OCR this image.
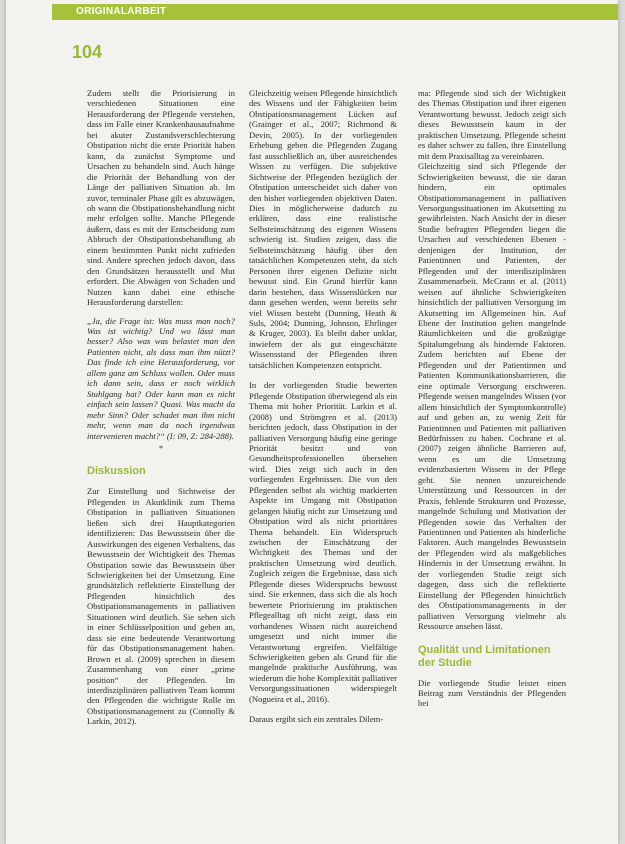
ORIGINALARBEIT
104

Zudem stellt die Priorisierung in verschiedenen Situationen eine Herausforderung der Pflegende verstehen, dass im Falle einer Krankenhausaufnahme bei akuter Zustandsverschlechterung Obstipation nicht die erste Priorität haben kann, da zunächst Symptome und Ursachen zu behandeln sind. Auch hänge die Priorität der Behandlung von der Länge der palliativen Situation ab. Im zuvor, terminaler Phase gilt es abzuwägen, ob wann die Obstipationsbehandlung nicht mehr erfolgen sollte. Manche Pflegende äußern, dass es mit der Entscheidung zum Abbruch der Obstipationsbehandlung ab einem bestimmten Punkt nicht zufrieden sind. Andere sprechen jedoch davon, dass den Grundsätzen herausstellt und Mut erfordert. Die Abwägen von Schaden und Nutzen kann dabei eine ethische Herausforderung darstellen:

„Ja, die Frage ist: Was muss man noch? Was ist wichtig? Und wo lässt man besser? Also was was belastet man den Patienten nicht, als dass man ihm nützt? Das finde ich eine Herausforderung, vor allem ganz am Schluss wollen. Oder muss ich dann sein, dass er noch wirklich Stuhlgang hat? Oder kann man es nicht einfach sein lassen? Quasi. Was macht da mehr Sinn? Oder schadet man ihm nicht mehr, wenn man da noch irgendwas intervenieren macht?“ (I: 09, Z: 284-288).

*
Diskussion

Zur Einstellung und Sichtweise der Pflegenden in Akutklinik zum Thema Obstipation in palliativen Situationen ließen sich drei Hauptkategorien identifizieren: Das Bewusstsein über die Auswirkungen des eigenen Verhaltens, das Bewusstsein der Wichtigkeit des Themas Obstipation sowie das Bewusstsein über Schwierigkeiten bei der Umsetzung. Eine grundsätzlich reflektierte Einstellung der Pflegenden hinsichtlich des Obstipationsmanagements in palliativen Situationen wird deutlich. Sie sehen sich in einer Schlüsselposition und geben an, dass sie eine bedeutende Verantwortung für das Obstipationsmanagement haben. Brown et al. (2009) sprechen in diesem Zusammenhang von einer „prime position“ der Pflegenden. Im interdisziplinären palliativen Team kommt den Pflegenden die wichtigste Rolle im Obstipationsmanagement zu (Connolly & Larkin, 2012).

Gleichzeitig weisen Pflegende hinsichtlich des Wissens und der Fähigkeiten beim Obstipationsmanagement Lücken auf (Grainger et al., 2007; Richmond & Devin, 2005). In der vorliegenden Erhebung geben die Pflegenden Zugang fast ausschließlich an, über ausreichendes Wissen zu verfügen. Die subjektive Sichtweise der Pflegenden bezüglich der Obstipation unterscheidet sich daher von den bisher vorliegenden objektiven Daten. Dies in möglicherweise dadurch zu erklären, dass eine realistische Selbsteinschätzung des eigenen Wissens schwierig ist. Studien zeigen, dass die Selbsteinschätzung häufig über den tatsächlichen Kompetenzen steht, da sich Personen ihrer eigenen Defizite nicht bewusst sind. Ein Grund hierfür kann darin bestehen, dass Wissenslücken nur dann gesehen werden, wenn bereits sehr viel Wissen besteht (Dunning, Heath & Suls, 2004; Dunning, Johnson, Ehrlinger & Kruger, 2003). Es bleibt daher unklar, inwiefern der als gut eingeschätzte Wissensstand der Pflegenden ihren tatsächlichen Kompetenzen entspricht.

In der vorliegenden Studie bewerten Pflegende Obstipation überwiegend als ein Thema mit hoher Priorität. Larkin et al. (2008) und Strömgren et al. (2013) berichten jedoch, dass Obstipation in der palliativen Versorgung häufig eine geringe Priorität besitzt und von Gesundheitsprofessionellen übersehen wird. Dies zeigt sich auch in den vorliegenden Ergebnissen. Die von den Pflegenden selbst als wichtig markierten Aspekte im Umgang mit Obstipation gelangen häufig nicht zur Umsetzung und Obstipation wird als nicht prioritäres Thema behandelt. Ein Widerspruch zwischen der Einschätzung der Wichtigkeit des Themas und der praktischen Umsetzung wird deutlich. Zugleich zeigen die Ergebnisse, dass sich Pflegende dieses Widerspruchs bewusst sind. Sie erkennen, dass sich die als hoch bewertete Priorisierung im praktischen Pflegealltag oft nicht zeigt, dass ein vorhandenes Wissen nicht ausreichend umgesetzt und nicht immer die Verantwortung ergreifen. Vielfältige Schwierigkeiten geben als Grund für die mangelnde praktische Ausführung, was wiederum die hohe Komplexität palliativer Versorgungssituationen widerspiegelt (Nogueira et al., 2016).

Daraus ergibt sich ein zentrales Dilem-

ma: Pflegende sind sich der Wichtigkeit des Themas Obstipation und ihrer eigenen Verantwortung bewusst. Jedoch zeigt sich dieses Bewusstsein kaum in der praktischen Umsetzung. Pflegende scheint es daher schwer zu fallen, ihre Einstellung mit dem Praxisalltag zu vereinbaren.

Gleichzeitig sind sich Pflegende der Schwierigkeiten bewusst, die sie daran hindern, ein optimales Obstipationsmanagement in palliativen Versorgungssituationen im Akutsetting zu gewährleisten. Nach Ansicht der in dieser Studie befragten Pflegenden liegen die Ursachen auf verschiedenen Ebenen - denjenigen der Institution, der Patientinnen und Patienten, der Pflegenden und der interdisziplinären Zusammenarbeit. McCrann et al. (2011) weisen auf ähnliche Schwierigkeiten hinsichtlich der palliativen Versorgung im Akutsetting im Allgemeinen hin. Auf Ebene der Institution gelten mangelnde Räumlichkeiten und die großzügige Spitalumgebung als hindernde Faktoren. Zudem berichten auf Ebene der Pflegenden und der Patientinnen und Patienten Kommunikationsbarrieren, die eine optimale Versorgung erschweren. Pflegende weisen mangelndes Wissen (vor allem hinsichtlich der Symptomkontrolle) auf und geben an, zu wenig Zeit für Patientinnen und Patienten mit palliativen Bedürfnissen zu haben. Cochrane et al. (2007) zeigen ähnliche Barrieren auf, wenn es um die Umsetzung evidenzbasierten Wissens in der Pflege geht. Sie nennen unzureichende Unterstützung und Ressourcen in der Praxis, fehlende Strukturen und Prozesse, mangelnde Schulung und Motivation der Pflegenden sowie das Verhalten der Patientinnen und Patienten als hinderliche Faktoren. Auch mangelndes Bewusstsein der Pflegenden wird als maßgebliches Hindernis in der Umsetzung erwähnt. In der vorliegenden Studie zeigt sich dagegen, dass sich die reflektierte Einstellung der Pflegenden hinsichtlich des Obstipationsmanagements in der palliativen Versorgung vielmehr als Ressource ansehen lässt.

Qualität und Limitationen der Studie

Die vorliegende Studie leistet einen Beitrag zum Verständnis der Pflegenden bei
